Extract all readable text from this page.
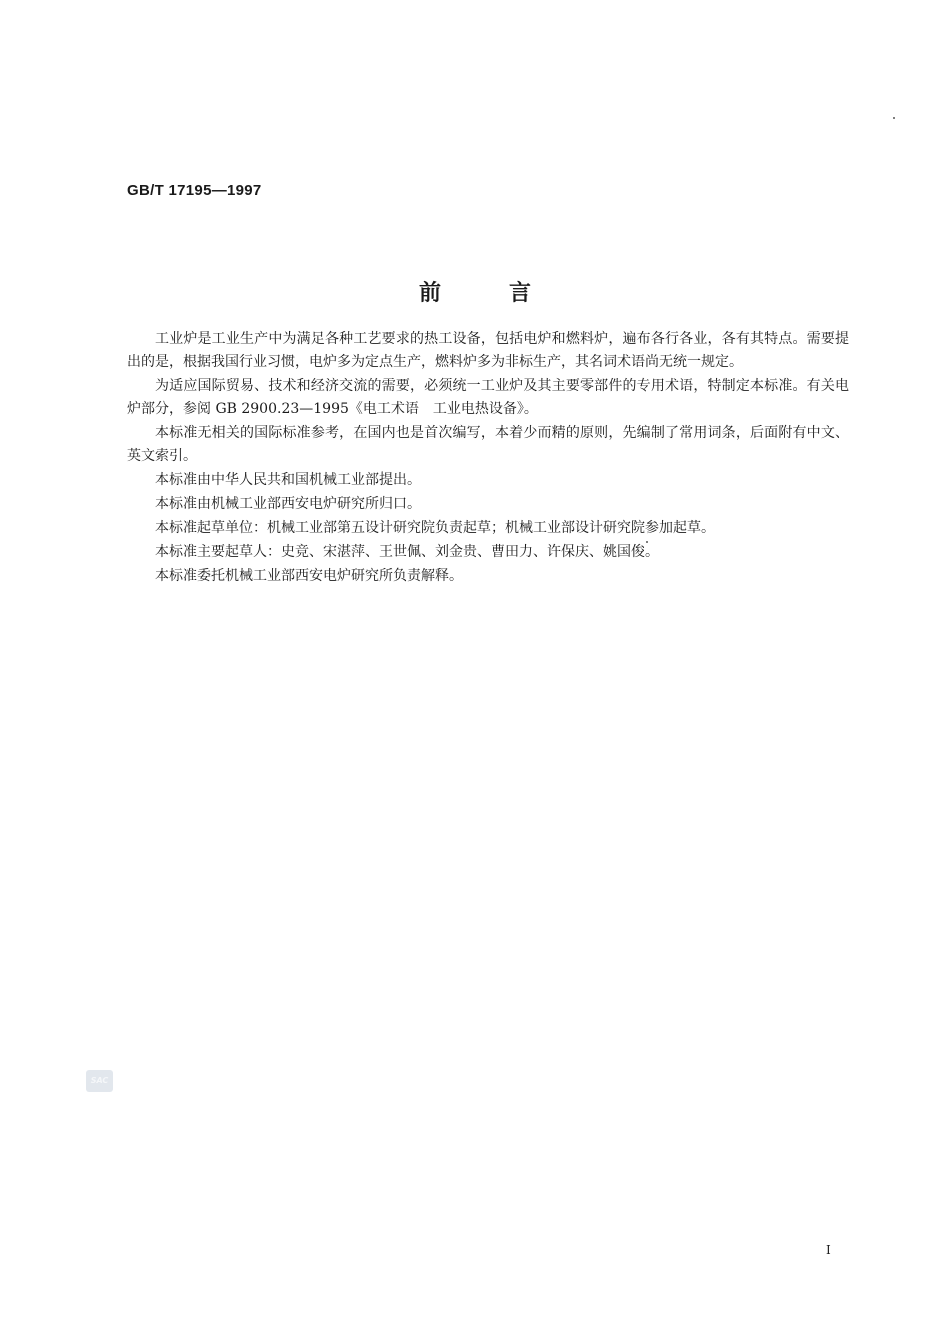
GB/T 17195—1997
前言

工业炉是工业生产中为满足各种工艺要求的热工设备，包括电炉和燃料炉，遍布各行各业，各有其特点。需要提出的是，根据我国行业习惯，电炉多为定点生产，燃料炉多为非标生产，其名词术语尚无统一规定。

为适应国际贸易、技术和经济交流的需要，必须统一工业炉及其主要零部件的专用术语，特制定本标准。有关电炉部分，参阅 GB 2900.23—1995《电工术语　工业电热设备》。

本标准无相关的国际标准参考，在国内也是首次编写，本着少而精的原则，先编制了常用词条，后面附有中文、英文索引。

本标准由中华人民共和国机械工业部提出。

本标准由机械工业部西安电炉研究所归口。

本标准起草单位：机械工业部第五设计研究院负责起草；机械工业部设计研究院参加起草。

本标准主要起草人：史竞、宋湛萍、王世佩、刘金贵、曹田力、许保庆、姚国俊。

本标准委托机械工业部西安电炉研究所负责解释。

SAC
I
